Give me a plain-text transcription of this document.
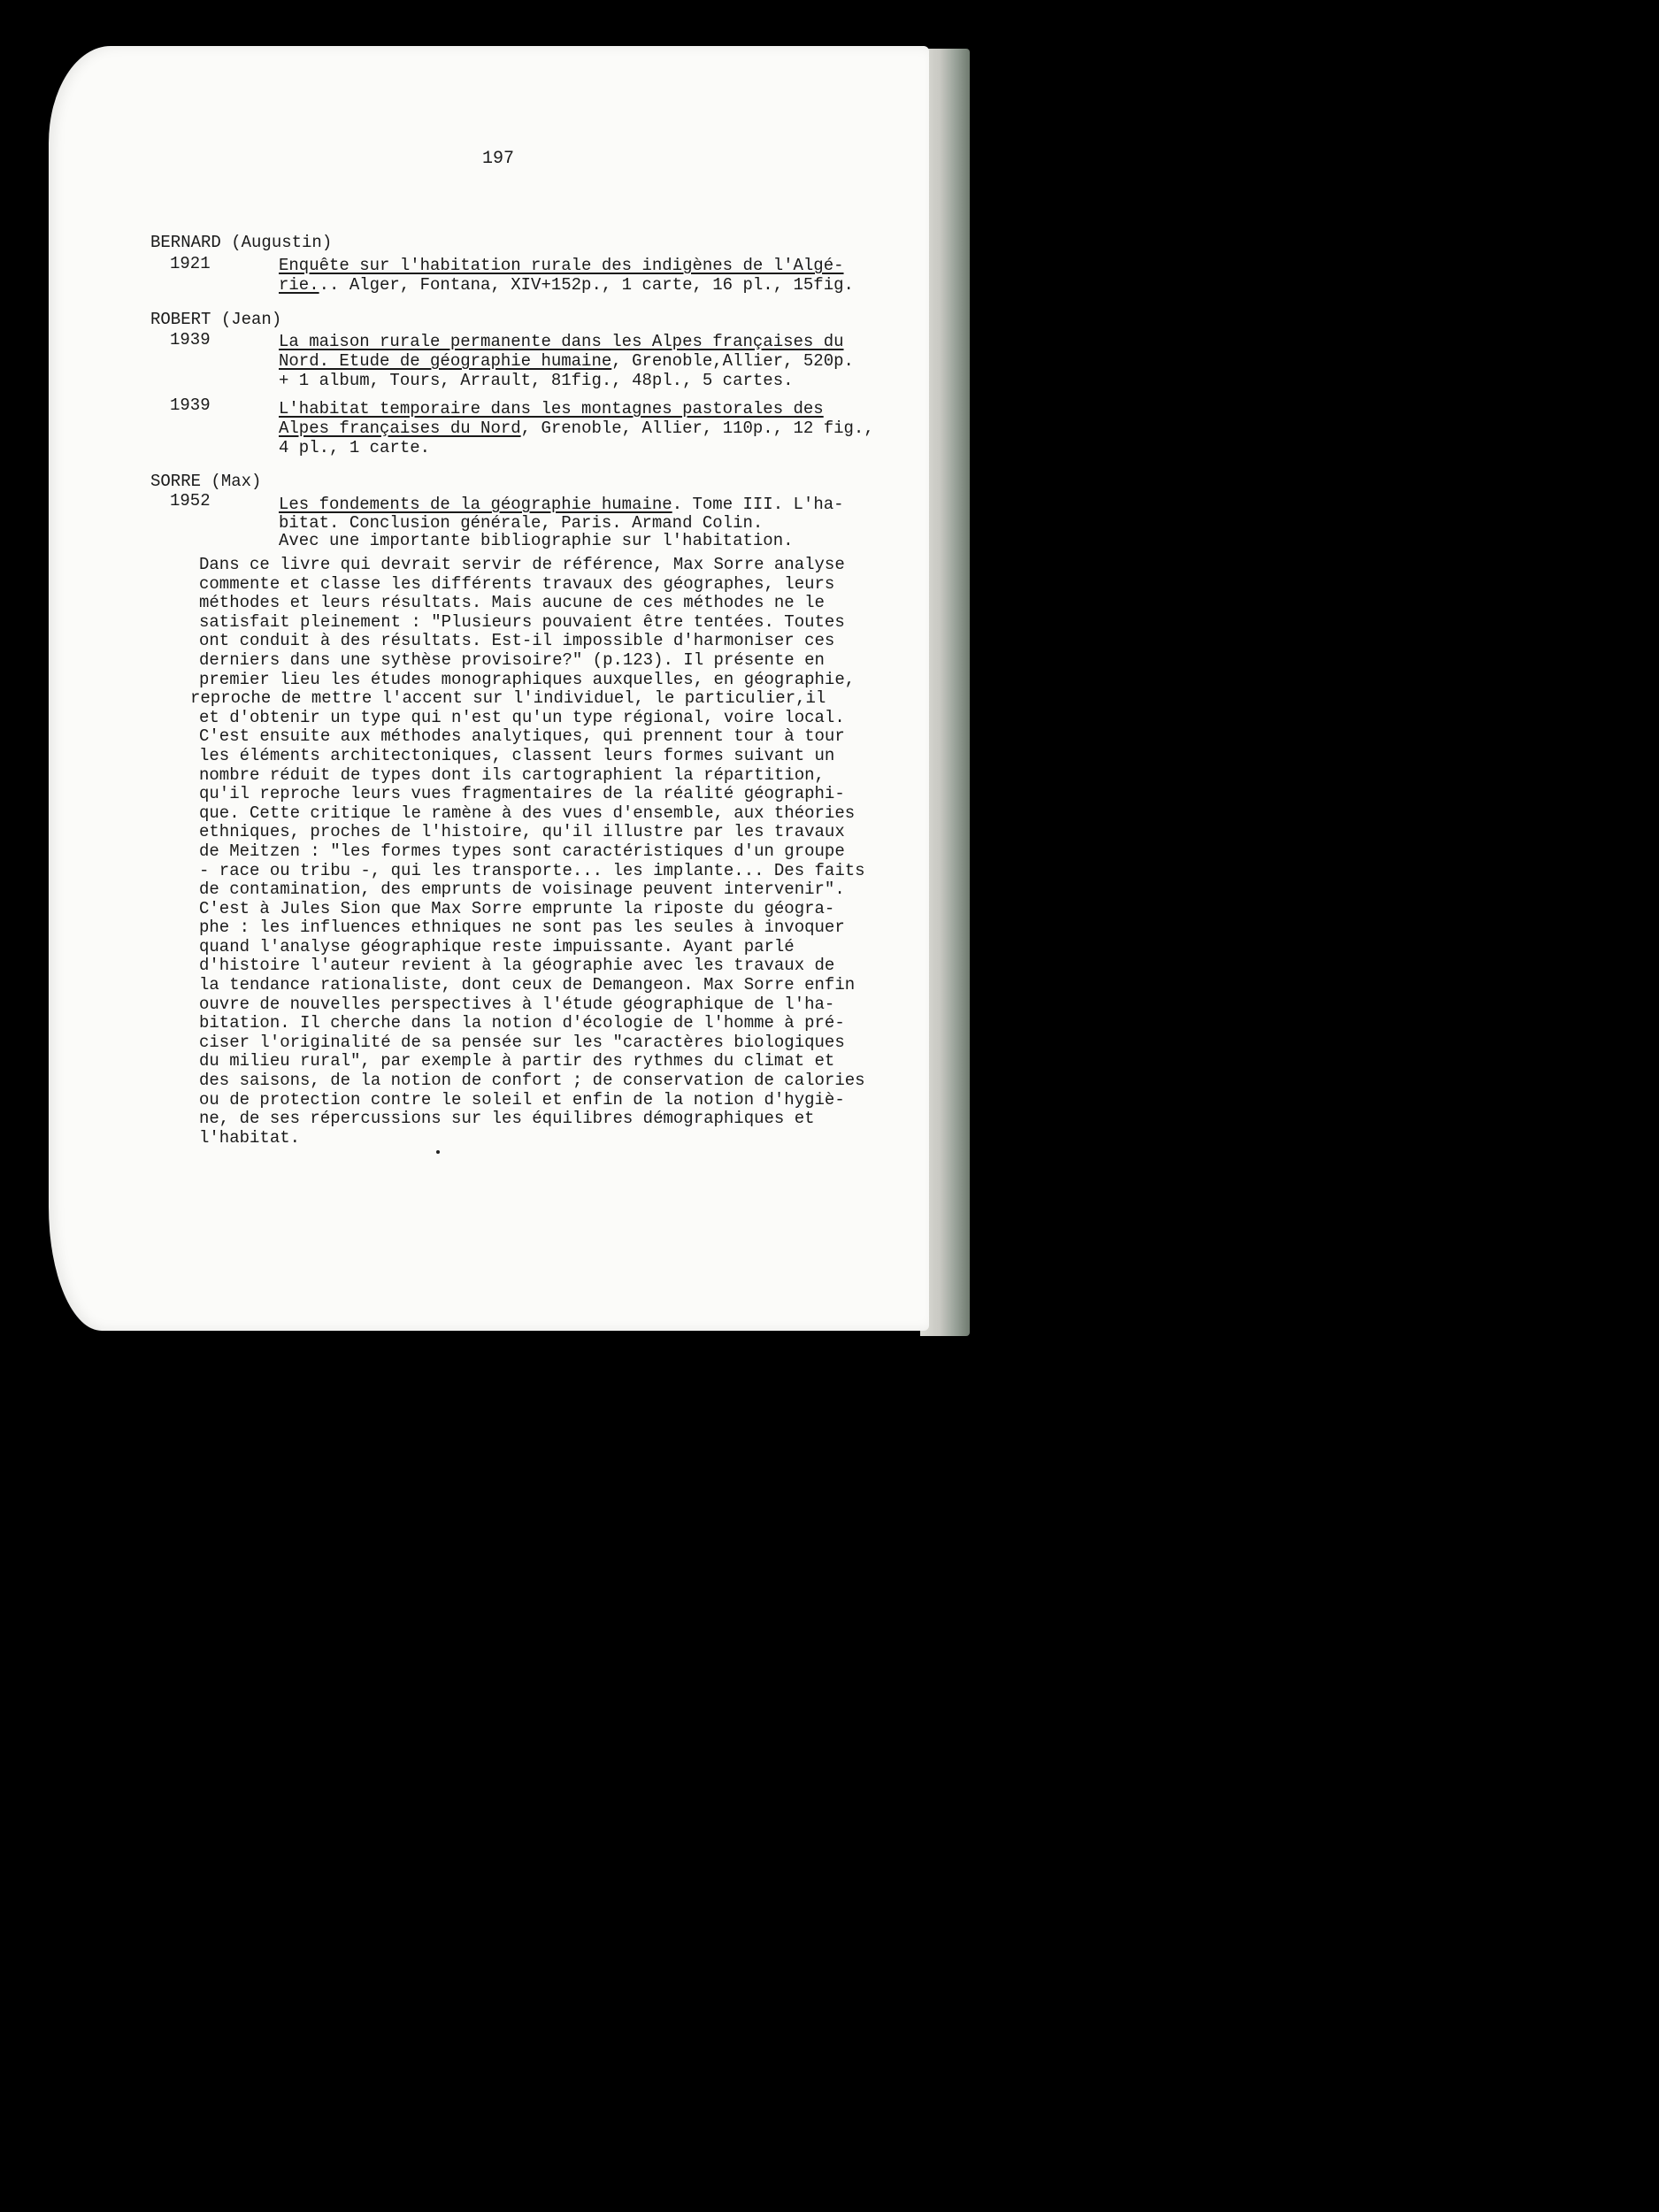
197
BERNARD (Augustin)
1921	Enquête sur l'habitation rurale des indigènes de l'Algé-
rie... Alger, Fontana, XIV+152p., 1 carte, 16 pl., 15fig.
ROBERT (Jean)
1939	La maison rurale permanente dans les Alpes françaises du
Nord. Etude de géographie humaine, Grenoble,Allier, 520p.
+ 1 album, Tours, Arrault, 81fig., 48pl., 5 cartes.
1939	L'habitat temporaire dans les montagnes pastorales des
Alpes françaises du Nord, Grenoble, Allier, 110p., 12 fig.,
4 pl., 1 carte.
SORRE (Max)
1952	Les fondements de la géographie humaine. Tome III. L'ha-
bitat. Conclusion générale, Paris. Armand Colin.
Avec une importante bibliographie sur l'habitation.
Dans ce livre qui devrait servir de référence, Max Sorre analyse
commente et classe les différents travaux des géographes, leurs
méthodes et leurs résultats. Mais aucune de ces méthodes ne le
satisfait pleinement : "Plusieurs pouvaient être tentées. Toutes
ont conduit à des résultats. Est-il impossible d'harmoniser ces
derniers dans une sythèse provisoire?" (p.123). Il présente en
premier lieu les études monographiques auxquelles, en géographie,
reproche de mettre l'accent sur l'individuel, le particulier,il
et d'obtenir un type qui n'est qu'un type régional, voire local.
C'est ensuite aux méthodes analytiques, qui prennent tour à tour
les éléments architectoniques, classent leurs formes suivant un
nombre réduit de types dont ils cartographient la répartition,
qu'il reproche leurs vues fragmentaires de la réalité géographi-
que. Cette critique le ramène à des vues d'ensemble, aux théories
ethniques, proches de l'histoire, qu'il illustre par les travaux
de Meitzen : "les formes types sont caractéristiques d'un groupe
- race ou tribu -, qui les transporte... les implante... Des faits
de contamination, des emprunts de voisinage peuvent intervenir".
C'est à Jules Sion que Max Sorre emprunte la riposte du géogra-
phe : les influences ethniques ne sont pas les seules à invoquer
quand l'analyse géographique reste impuissante. Ayant parlé
d'histoire l'auteur revient à la géographie avec les travaux de
la tendance rationaliste, dont ceux de Demangeon. Max Sorre enfin
ouvre de nouvelles perspectives à l'étude géographique de l'ha-
bitation. Il cherche dans la notion d'écologie de l'homme à pré-
ciser l'originalité de sa pensée sur les "caractères biologiques
du milieu rural", par exemple à partir des rythmes du climat et
des saisons, de la notion de confort ; de conservation de calories
ou de protection contre le soleil et enfin de la notion d'hygiè-
ne, de ses répercussions sur les équilibres démographiques et
l'habitat.
